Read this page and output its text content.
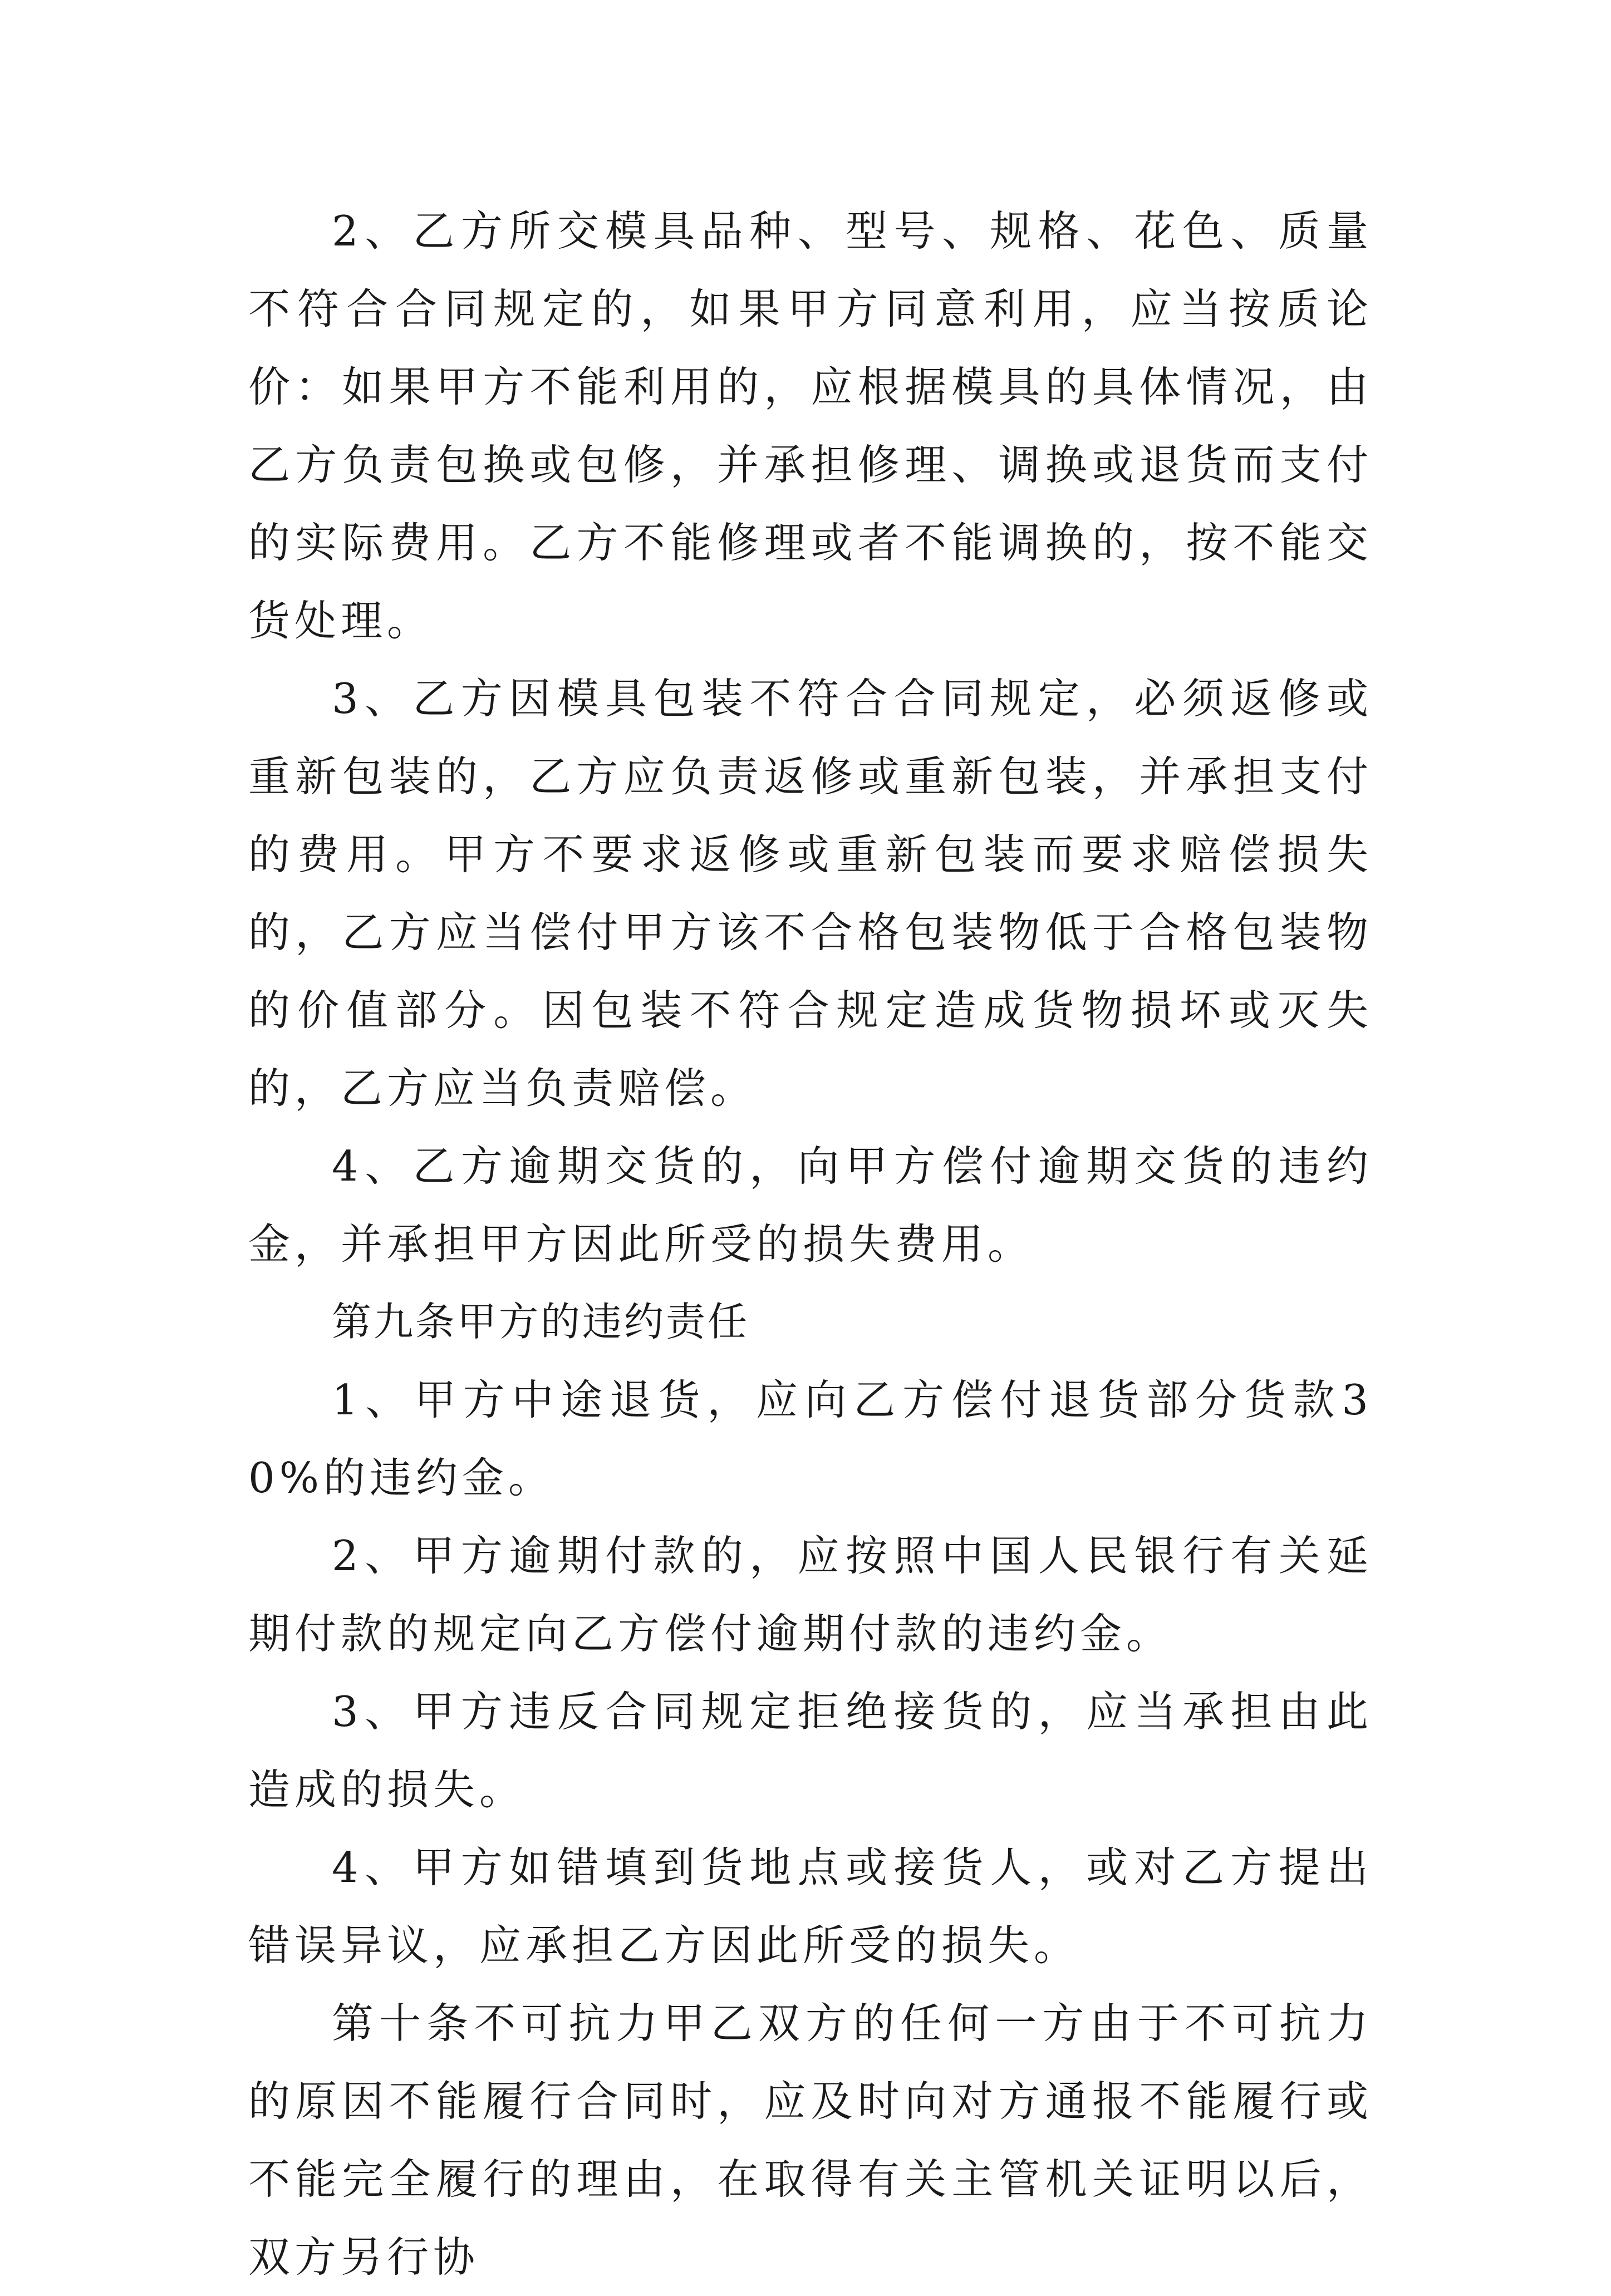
2、乙方所交模具品种、型号、规格、花色、质量不符合合同规定的，如果甲方同意利用，应当按质论价：如果甲方不能利用的，应根据模具的具体情况，由乙方负责包换或包修，并承担修理、调换或退货而支付的实际费用。乙方不能修理或者不能调换的，按不能交货处理。

3、乙方因模具包装不符合合同规定，必须返修或重新包装的，乙方应负责返修或重新包装，并承担支付的费用。甲方不要求返修或重新包装而要求赔偿损失的，乙方应当偿付甲方该不合格包装物低于合格包装物的价值部分。因包装不符合规定造成货物损坏或灭失的，乙方应当负责赔偿。

4、乙方逾期交货的，向甲方偿付逾期交货的违约金，并承担甲方因此所受的损失费用。

第九条甲方的违约责任

1、甲方中途退货，应向乙方偿付退货部分货款30%的违约金。

2、甲方逾期付款的，应按照中国人民银行有关延期付款的规定向乙方偿付逾期付款的违约金。

3、甲方违反合同规定拒绝接货的，应当承担由此造成的损失。

4、甲方如错填到货地点或接货人，或对乙方提出错误异议，应承担乙方因此所受的损失。

第十条不可抗力甲乙双方的任何一方由于不可抗力的原因不能履行合同时，应及时向对方通报不能履行或不能完全履行的理由，在取得有关主管机关证明以后，双方另行协
